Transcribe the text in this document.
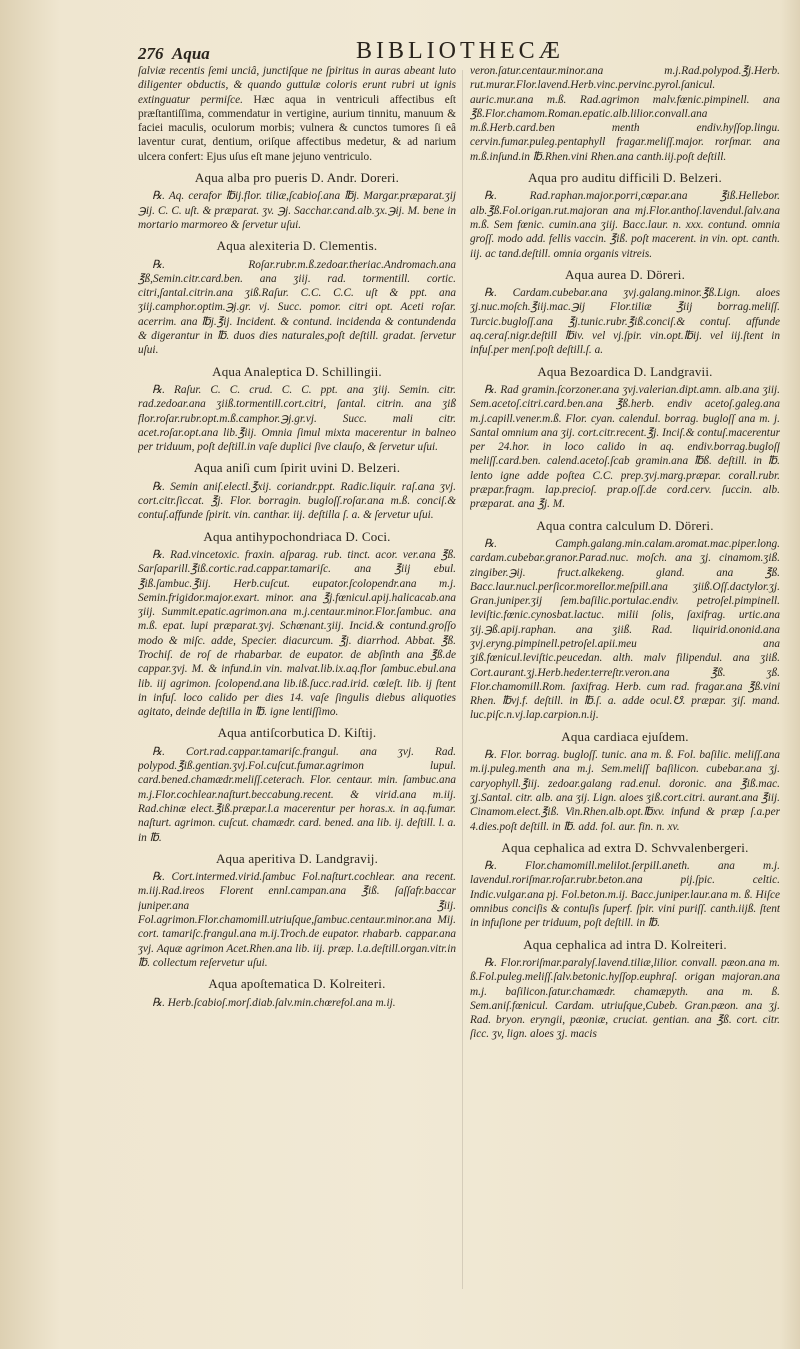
276 Aqua	BIBLIOTHECÆ

ſalviæ recentis ſemi unciâ, junctiſque ne ſpiritus in auras abeant luto diligenter obductis, & quando guttulæ coloris erunt rubri ut ignis extinguatur permiſce. Hæc aqua in ventriculi affectibus eſt præſtantiſſima, commendatur in vertigine, aurium tinnitu, manuum & faciei maculis, oculorum morbis; vulnera & cunctos tumores ſi eâ laventur curat, dentium, oriſque affectibus medetur, & ad narium ulcera confert: Ejus uſus eſt mane jejuno ventriculo.

Aqua alba pro pueris D. Andr. Doreri.

℞. Aq. cerafor ℔ij.flor. tiliæ,ſcabioſ.ana ℔j. Margar.præparat.ʒij ℈ij. C. C. uſt. & præparat. ʒv. ℈j. Sacchar.cand.alb.ʒx.℈ij. M. bene in mortario marmoreo & ſervetur uſui.

Aqua alexiteria D. Clementis.

℞. Roſar.rubr.m.ß.zedoar.theriac.Andromach.ana ℥ß,Semin.citr.card.ben. ana ʒiij. rad. tormentill. cortic. citri,ſantal.citrin.ana ʒiß.Raſur. C.C. C.C. uſt & ppt. ana ʒiij.camphor.optim.℈j.gr. vj. Succ. pomor. citri opt. Aceti roſar. acerrim. ana ℔j.℥ij. Incident. & contund. incidenda & contundenda & digerantur in ℔. duos dies naturales,poſt deſtill. gradat. ſervetur uſui.

Aqua Analeptica D. Schillingii.

℞. Raſur. C. C. crud. C. C. ppt. ana ʒiij. Semin. citr. rad.zedoar.ana ʒiiß.tormentill.cort.citri, ſantal. citrin. ana ʒiß flor.roſar.rubr.opt.m.ß.camphor.℈j.gr.vj. Succ. mali citr. acet.roſar.opt.ana lib.℥iij. Omnia ſimul mixta macerentur in balneo per triduum, poſt deſtill.in vaſe duplici ſive clauſo, & ſervetur uſui.

Aqua aniſi cum ſpirit uvini D. Belzeri.

℞. Semin aniſ.electl.℥xij. coriandr.ppt. Radic.liquir. raſ.ana ʒvj. cort.citr.ſiccat. ℥j. Flor. borragin. bugloſſ.roſar.ana m.ß. conciſ.& contuſ.affunde ſpirit. vin. canthar. iij. deſtilla ſ. a. & ſervetur uſui.

Aqua antihypochondriaca D. Coci.

℞. Rad.vincetoxic. fraxin. aſparag. rub. tinct. acor. ver.ana ℥ß. Sarſaparill.℥iß.cortic.rad.cappar.tamariſc. ana ℥iij ebul. ℥iß.ſambuc.℥iij. Herb.cuſcut. eupator.ſcolopendr.ana m.j. Semin.frigidor.major.exart. minor. ana ℥j.fœnicul.apij.halicacab.ana ʒiij. Summit.epatic.agrimon.ana m.j.centaur.minor.Flor.ſambuc. ana m.ß. epat. lupi præparat.ʒvj. Schœnant.ʒiij. Incid.& contund.groſſo modo & miſc. adde, Specier. diacurcum. ℥j. diarrhod. Abbat. ℥ß. Trochiſ. de roſ de rhabarbar. de eupator. de abſinth ana ℥ß.de cappar.ʒvj. M. & infund.in vin. malvat.lib.ix.aq.flor ſambuc.ebul.ana lib. iij agrimon. ſcolopend.ana lib.iß.ſucc.rad.irid. cœleſt. lib. ij ſtent in infuſ. loco calido per dies 14. vaſe ſingulis diebus aliquoties agitato, deinde deſtilla in ℔. igne lentiſſimo.

Aqua antiſcorbutica D. Kiſtij.

℞. Cort.rad.cappar.tamariſc.frangul. ana ʒvj. Rad. polypod.℥iß.gentian.ʒvj.Fol.cuſcut.fumar.agrimon lupul. card.bened.chamædr.meliſſ.ceterach. Flor. centaur. min. ſambuc.ana m.j.Flor.cochlear.naſturt.beccabung.recent. & virid.ana m.iij. Rad.chinæ elect.℥iß.præpar.l.a macerentur per horas.x. in aq.fumar. naſturt. agrimon. cuſcut. chamædr. card. bened. ana lib. ij. deſtill. l. a. in ℔.

Aqua aperitiva D. Landgravij.

℞. Cort.intermed.virid.ſambuc Fol.naſturt.cochlear. ana recent. m.iij.Rad.ireos Florent ennl.campan.ana ℥iß. ſaſſafr.baccar juniper.ana ℥iij. Fol.agrimon.Flor.chamomill.utriuſque,ſambuc.centaur.minor.ana Mij. cort. tamariſc.frangul.ana m.ij.Troch.de eupator. rhabarb. cappar.ana ʒvj. Aquæ agrimon Acet.Rhen.ana lib. iij. præp. l.a.deſtill.organ.vitr.in ℔. collectum reſervetur uſui.

Aqua apoſtematica D. Kolreiteri.

℞. Herb.ſcabioſ.morſ.diab.ſalv.min.chœrefol.ana m.ij.

veron.ſatur.centaur.minor.ana m.j.Rad.polypod.℥j.Herb. rut.murar.Flor.lavend.Herb.vinc.pervinc.pyrol.ſanicul. auric.mur.ana m.ß. Rad.agrimon malv.fœnic.pimpinell. ana ℥ß.Flor.chamom.Roman.epatic.alb.lilior.convall.ana m.ß.Herb.card.ben menth endiv.hyſſop.lingu. cervin.fumar.puleg.pentaphyll fragar.meliſſ.major. rorſmar. ana m.ß.inſund.in ℔.Rhen.vini Rhen.ana canth.iij.poſt deſtill.

Aqua pro auditu difficili D. Belzeri.

℞. Rad.raphan.major.porri,cœpar.ana ℥iß.Hellebor. alb.℥ß.Fol.origan.rut.majoran ana mj.Flor.anthoſ.lavendul.ſalv.ana m.ß. Sem fœnic. cumin.ana ʒiij. Bacc.laur. n. xxx. contund. omnia groſſ. modo add. fellis vaccin. ℥iß. poſt macerent. in vin. opt. canth. iij. ac tand.deſtill. omnia organis vitreis.

Aqua aurea D. Döreri.

℞. Cardam.cubebar.ana ʒvj.galang.minor.℥ß.Lign. aloes ʒj.nuc.moſch.℥iij.mac.℈ij Flor.tiliæ ℥iij borrag.meliſſ. Turcic.bugloſſ.ana ℥j.tunic.rubr.℥iß.conciſ.& contuſ. affunde aq.ceraſ.nigr.deſtill ℔iv. vel vj.ſpir. vin.opt.℔ij. vel iij.ſtent in infuſ.per menſ.poſt deſtill.ſ. a.

Aqua Bezoardica D. Landgravii.

℞. Rad gramin.ſcorzoner.ana ʒvj.valerian.dipt.amn. alb.ana ʒiij. Sem.acetoſ.citri.card.ben.ana ℥ß.herb. endiv acetoſ.galeg.ana m.j.capill.vener.m.ß. Flor. cyan. calendul. borrag. bugloſſ ana m. j. Santal omnium ana ʒij. cort.citr.recent.℥j. Inciſ.& contuſ.macerentur per 24.hor. in loco calido in aq. endiv.borrag.bugloſſ meliſſ.card.ben. calend.acetoſ.ſcab gramin.ana ℔ß. deſtill. in ℔. lento igne adde poſtea C.C. prep.ʒvj.marg.præpar. corall.rubr. præpar.fragm. lap.precioſ. prap.oſſ.de cord.cerv. ſuccin. alb. præparat. ana ℥j. M.

Aqua contra calculum D. Döreri.

℞. Camph.galang.min.calam.aromat.mac.piper.long. cardam.cubebar.granor.Parad.nuc. moſch. ana ʒj. cinamom.ʒiß. zingiber.℈ij. fruct.alkekeng. gland. ana ℥ß. Bacc.laur.nucl.perſicor.morellor.meſpill.ana ʒiiß.Oſſ.dactylor.ʒj. Gran.juniper.ʒij ſem.baſilic.portulac.endiv. petroſel.pimpinell. leviſtic.fœnic.cynosbat.lactuc. milii ſolis, ſaxifrag. urtic.ana ʒij.℈ß.apij.raphan. ana ʒiiß. Rad. liquirid.ononid.ana ʒvj.eryng.pimpinell.petroſel.apii.meu ana ʒiß.fœnicul.leviſtic.peucedan. alth. malv filipendul. ana ʒiiß. Cort.aurant.ʒj.Herb.heder.terreſtr.veron.ana ℥ß. ʒß. Flor.chamomill.Rom. ſaxifrag. Herb. cum rad. fragar.ana ℥ß.vini Rhen. ℔vj.f. deſtill. in ℔.ſ. a. adde ocul.☋. præpar. ʒiſ. mand. luc.piſc.n.vj.lap.carpion.n.ij.

Aqua cardiaca ejuſdem.

℞. Flor. borrag. bugloſſ. tunic. ana m. ß. Fol. baſilic. meliſſ.ana m.ij.puleg.menth ana m.j. Sem.meliſſ baſilicon. cubebar.ana ʒj. caryophyll.℥iij. zedoar.galang rad.enul. doronic. ana ℥iß.mac. ʒj.Santal. citr. alb. ana ʒij. Lign. aloes ʒiß.cort.citri. aurant.ana ℥iij. Cinamom.elect.℥iß. Vin.Rhen.alb.opt.℔xv. infund & præp ſ.a.per 4.dies.poſt deſtill. in ℔. add. fol. aur. fin. n. xv.

Aqua cephalica ad extra D. Schvvalenbergeri.

℞. Flor.chamomill.melilot.ſerpill.aneth. ana m.j. lavendul.roriſmar.roſar.rubr.beton.ana pij.ſpic. celtic. Indic.vulgar.ana pj. Fol.beton.m.ij. Bacc.juniper.laur.ana m. ß. Hiſce omnibus conciſis & contuſis ſuperf. ſpir. vini puriſſ. canth.iijß. ſtent in infuſione per triduum, poſt deſtill. in ℔.

Aqua cephalica ad intra D. Kolreiteri.

℞. Flor.roriſmar.paralyſ.lavend.tiliæ,lilior. convall. pæon.ana m. ß.Fol.puleg.meliſſ.ſalv.betonic.hyſſop.euphraſ. origan majoran.ana m.j. baſilicon.ſatur.chamædr. chamæpyth. ana m. ß. Sem.aniſ.fœnicul. Cardam. utriuſque,Cubeb. Gran.pæon. ana ʒj. Rad. bryon. eryngii, pæoniæ, cruciat. gentian. ana ℥ß. cort. citr. ſicc. ʒv, lign. aloes ʒj. macis
